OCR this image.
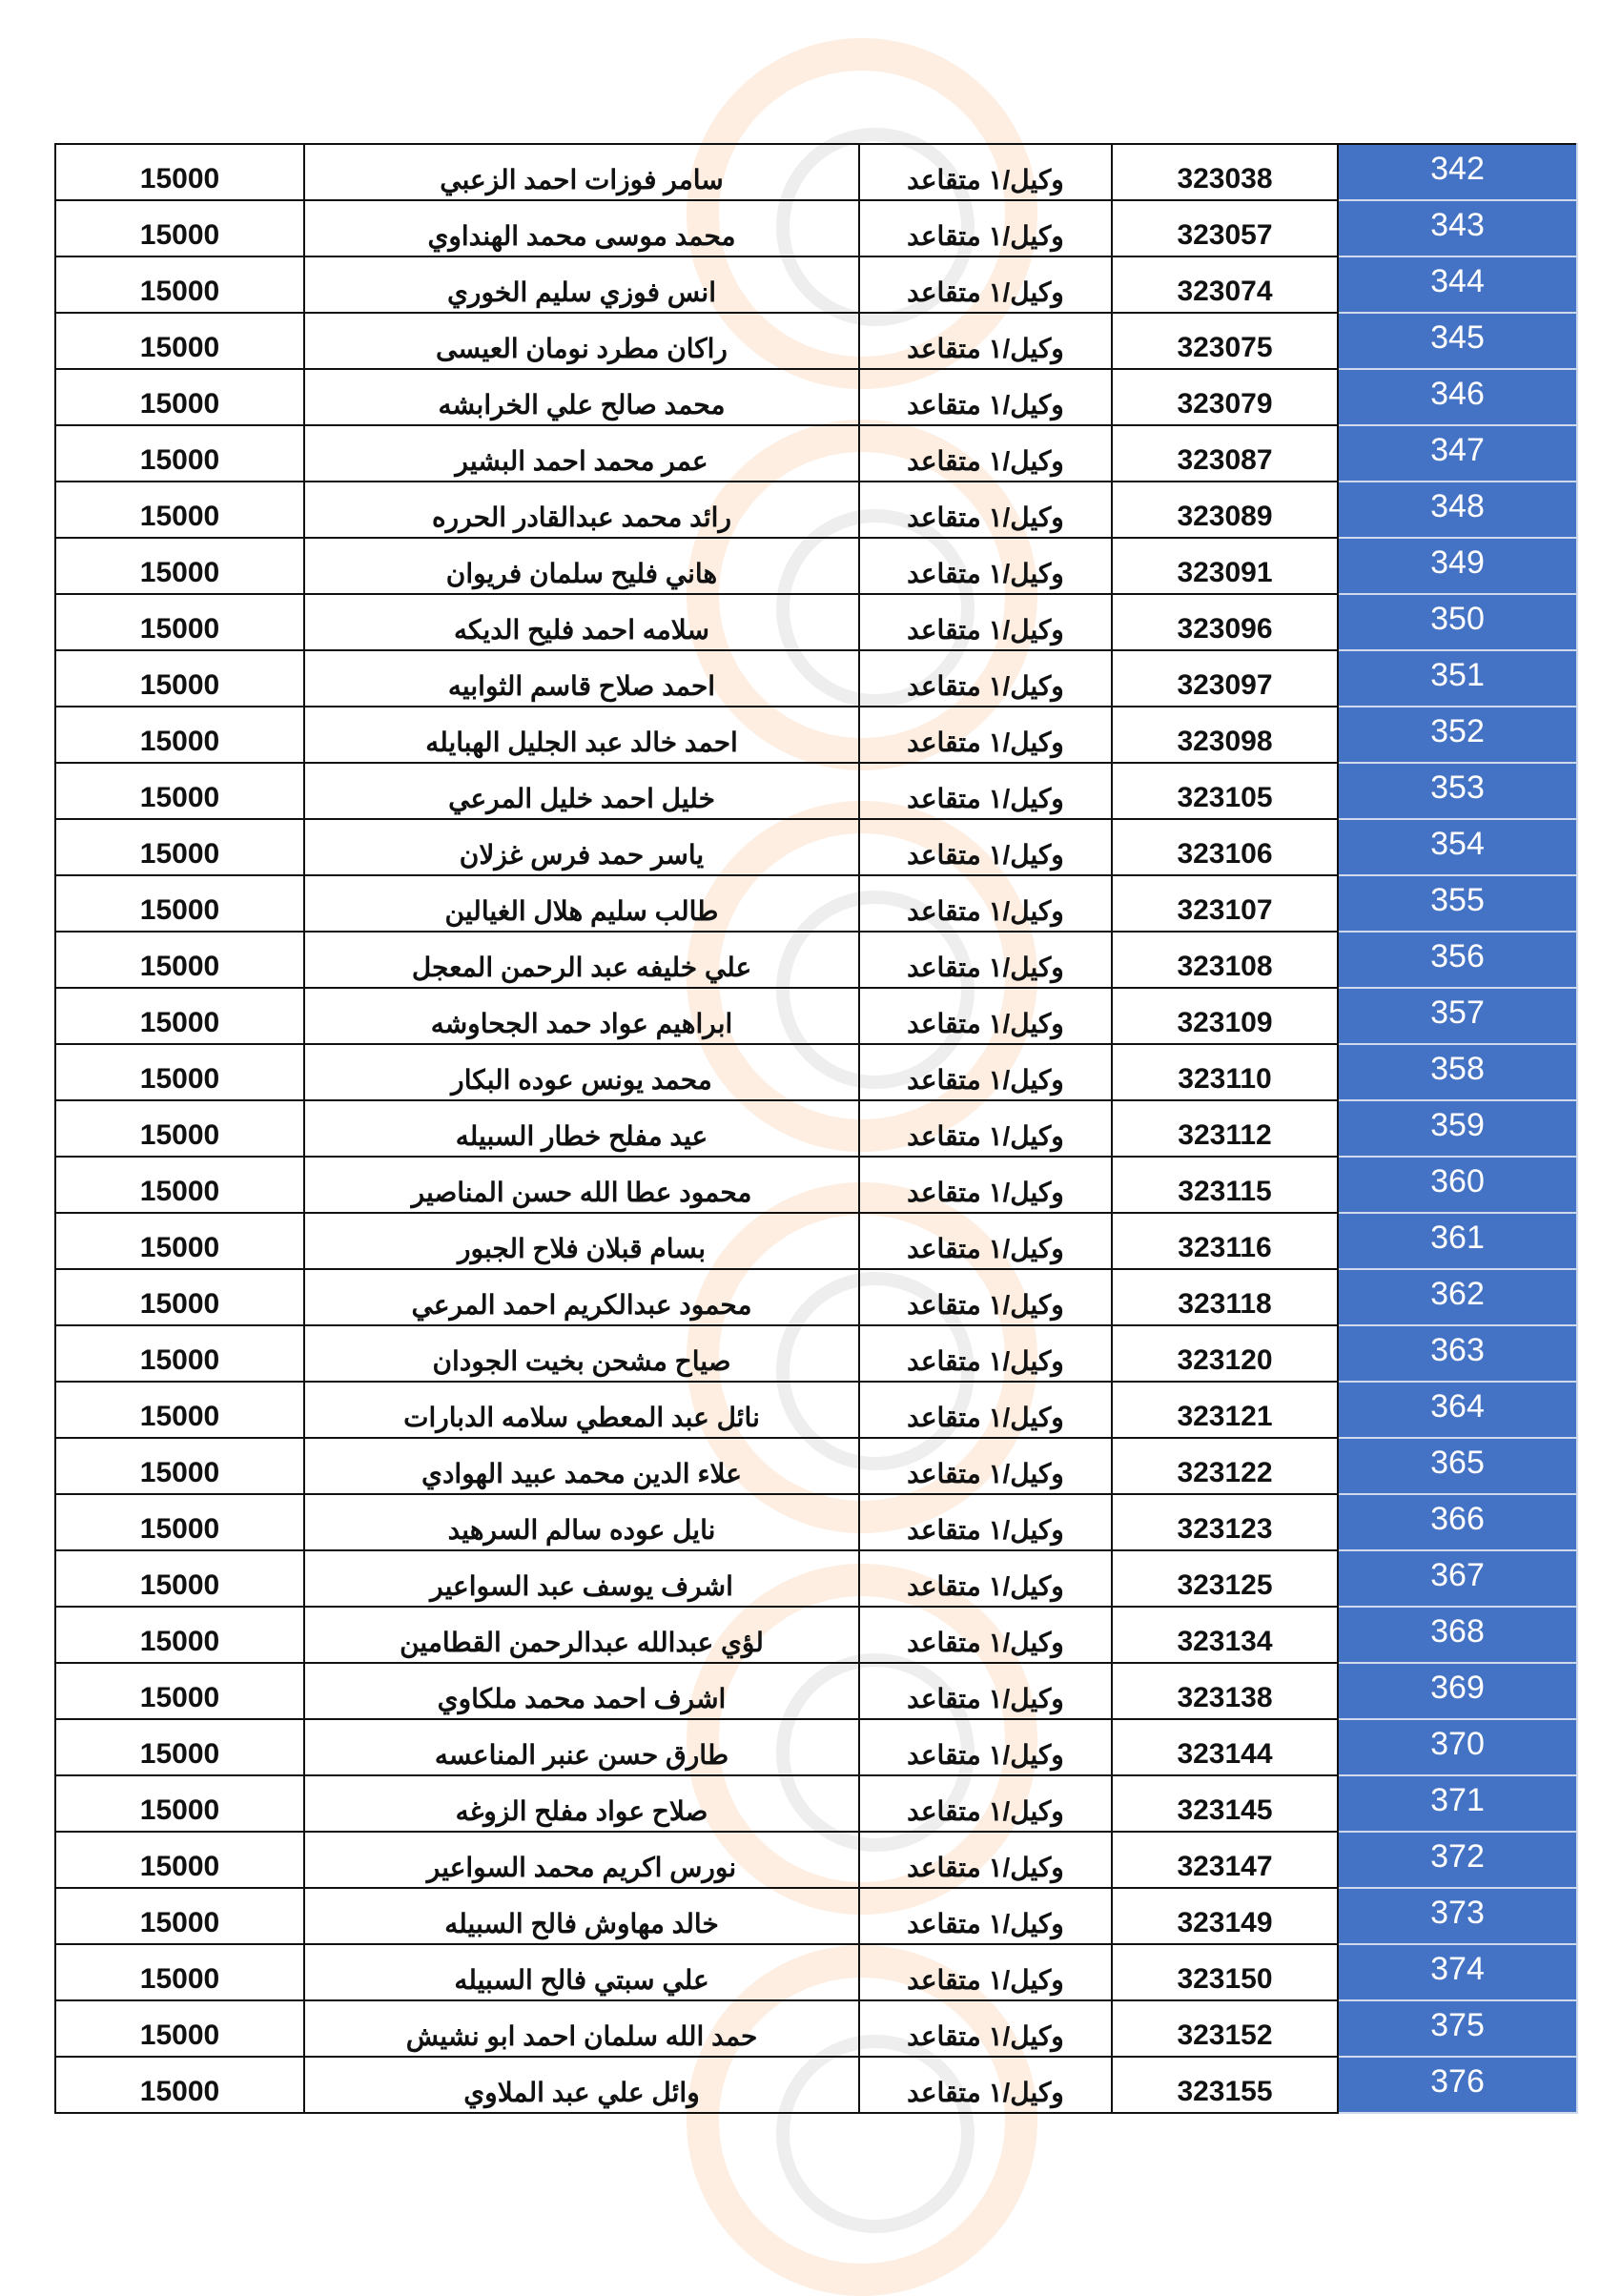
15000	سامر فوزات احمد الزعبي	وكيل/١ متقاعد	323038	342
15000	محمد موسى محمد الهنداوي	وكيل/١ متقاعد	323057	343
15000	انس فوزي سليم الخوري	وكيل/١ متقاعد	323074	344
15000	راكان مطرد نومان العيسى	وكيل/١ متقاعد	323075	345
15000	محمد صالح علي الخرابشه	وكيل/١ متقاعد	323079	346
15000	عمر محمد احمد البشير	وكيل/١ متقاعد	323087	347
15000	رائد محمد عبدالقادر الحرره	وكيل/١ متقاعد	323089	348
15000	هاني فليح سلمان فريوان	وكيل/١ متقاعد	323091	349
15000	سلامه احمد فليح الديكه	وكيل/١ متقاعد	323096	350
15000	احمد صلاح قاسم الثوابيه	وكيل/١ متقاعد	323097	351
15000	احمد خالد عبد الجليل الهبايله	وكيل/١ متقاعد	323098	352
15000	خليل احمد خليل المرعي	وكيل/١ متقاعد	323105	353
15000	ياسر حمد فرس غزلان	وكيل/١ متقاعد	323106	354
15000	طالب سليم هلال الغيالين	وكيل/١ متقاعد	323107	355
15000	علي خليفه عبد الرحمن المعجل	وكيل/١ متقاعد	323108	356
15000	ابراهيم عواد حمد الجحاوشه	وكيل/١ متقاعد	323109	357
15000	محمد يونس عوده البكار	وكيل/١ متقاعد	323110	358
15000	عيد مفلح خطار السبيله	وكيل/١ متقاعد	323112	359
15000	محمود عطا الله حسن المناصير	وكيل/١ متقاعد	323115	360
15000	بسام قبلان فلاح الجبور	وكيل/١ متقاعد	323116	361
15000	محمود عبدالكريم احمد المرعي	وكيل/١ متقاعد	323118	362
15000	صياح مشحن بخيت الجودان	وكيل/١ متقاعد	323120	363
15000	نائل عبد المعطي سلامه الدبارات	وكيل/١ متقاعد	323121	364
15000	علاء الدين محمد عبيد الهوادي	وكيل/١ متقاعد	323122	365
15000	نايل عوده سالم السرهيد	وكيل/١ متقاعد	323123	366
15000	اشرف يوسف عبد السواعير	وكيل/١ متقاعد	323125	367
15000	لؤي عبدالله عبدالرحمن القطامين	وكيل/١ متقاعد	323134	368
15000	اشرف احمد محمد ملكاوي	وكيل/١ متقاعد	323138	369
15000	طارق حسن عنبر المناعسه	وكيل/١ متقاعد	323144	370
15000	صلاح عواد مفلح الزوغه	وكيل/١ متقاعد	323145	371
15000	نورس اكريم محمد السواعير	وكيل/١ متقاعد	323147	372
15000	خالد مهاوش فالح السبيله	وكيل/١ متقاعد	323149	373
15000	علي سبتي فالح السبيله	وكيل/١ متقاعد	323150	374
15000	حمد الله سلمان احمد ابو نشيش	وكيل/١ متقاعد	323152	375
15000	وائل علي عبد الملاوي	وكيل/١ متقاعد	323155	376
